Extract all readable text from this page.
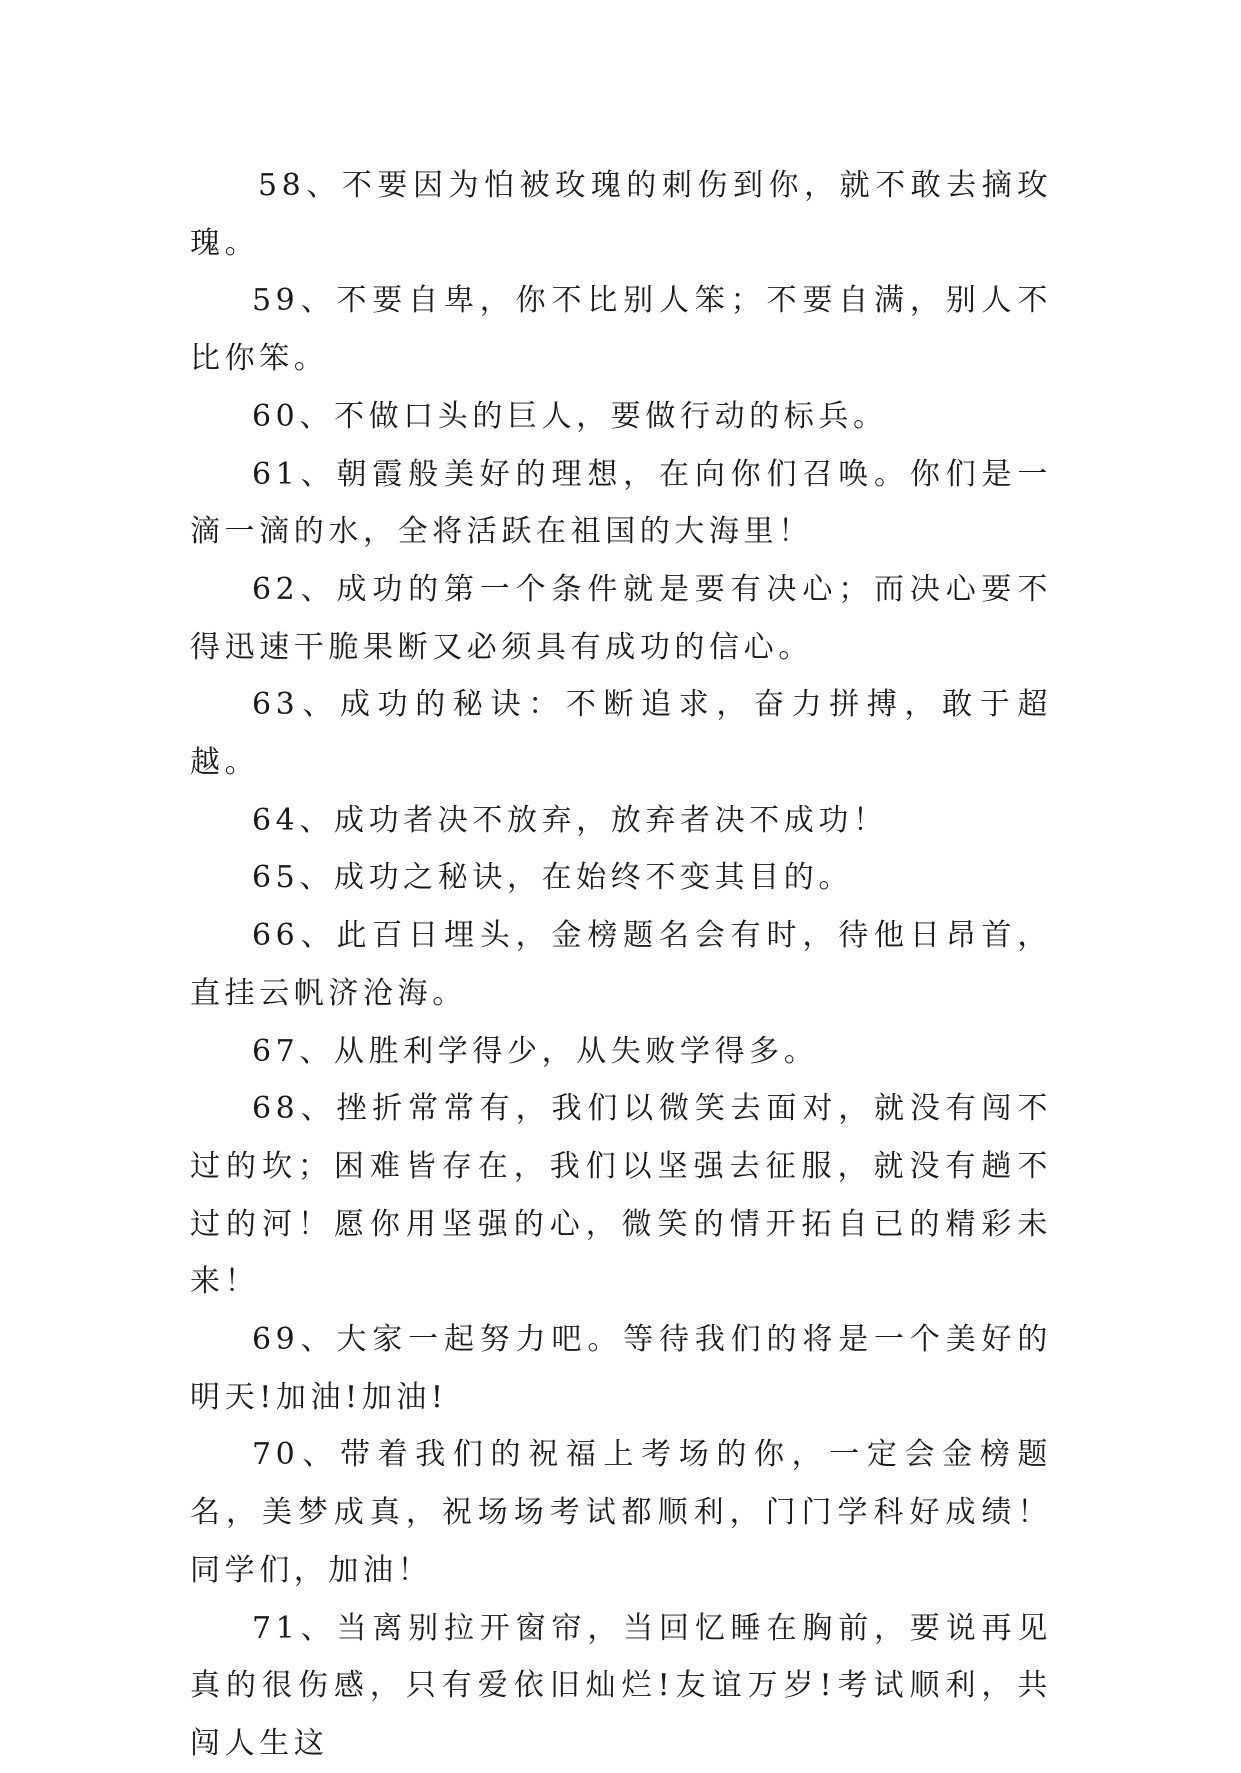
58、不要因为怕被玫瑰的刺伤到你，就不敢去摘玫瑰。

59、不要自卑，你不比别人笨；不要自满，别人不比你笨。

60、不做口头的巨人，要做行动的标兵。

61、朝霞般美好的理想，在向你们召唤。你们是一滴一滴的水，全将活跃在祖国的大海里！

62、成功的第一个条件就是要有决心；而决心要不得迅速干脆果断又必须具有成功的信心。

63、成功的秘诀：不断追求，奋力拼搏，敢于超越。

64、成功者决不放弃，放弃者决不成功！

65、成功之秘诀，在始终不变其目的。

66、此百日埋头，金榜题名会有时，待他日昂首，直挂云帆济沧海。

67、从胜利学得少，从失败学得多。

68、挫折常常有，我们以微笑去面对，就没有闯不过的坎；困难皆存在，我们以坚强去征服，就没有趟不过的河！愿你用坚强的心，微笑的情开拓自已的精彩未来！

69、大家一起努力吧。等待我们的将是一个美好的明天!加油!加油!

70、带着我们的祝福上考场的你，一定会金榜题名，美梦成真，祝场场考试都顺利，门门学科好成绩！同学们，加油！

71、当离别拉开窗帘，当回忆睡在胸前，要说再见真的很伤感，只有爱依旧灿烂!友谊万岁!考试顺利，共闯人生这
